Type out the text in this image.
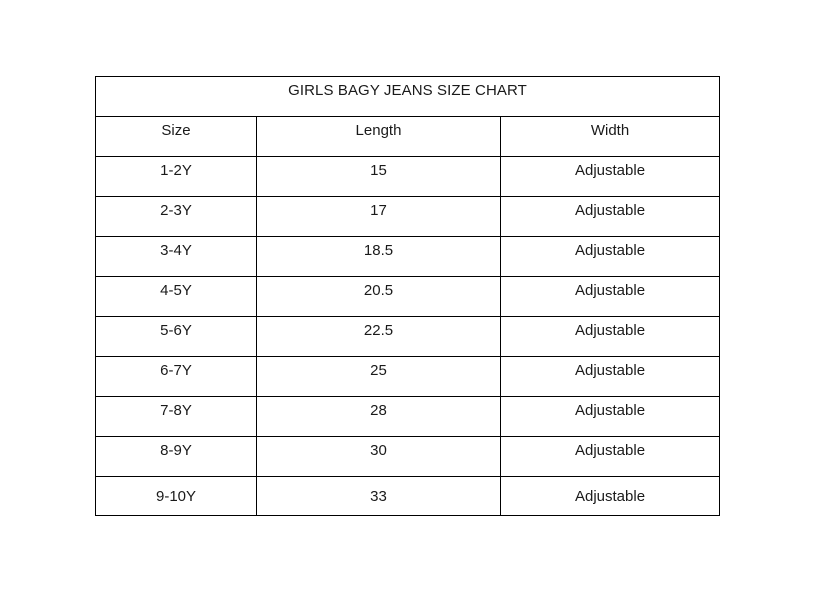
GIRLS BAGY JEANS SIZE CHART		
Size	Length	Width
1-2Y	15	Adjustable
2-3Y	17	Adjustable
3-4Y	18.5	Adjustable
4-5Y	20.5	Adjustable
5-6Y	22.5	Adjustable
6-7Y	25	Adjustable
7-8Y	28	Adjustable
8-9Y	30	Adjustable
9-10Y	33	Adjustable
